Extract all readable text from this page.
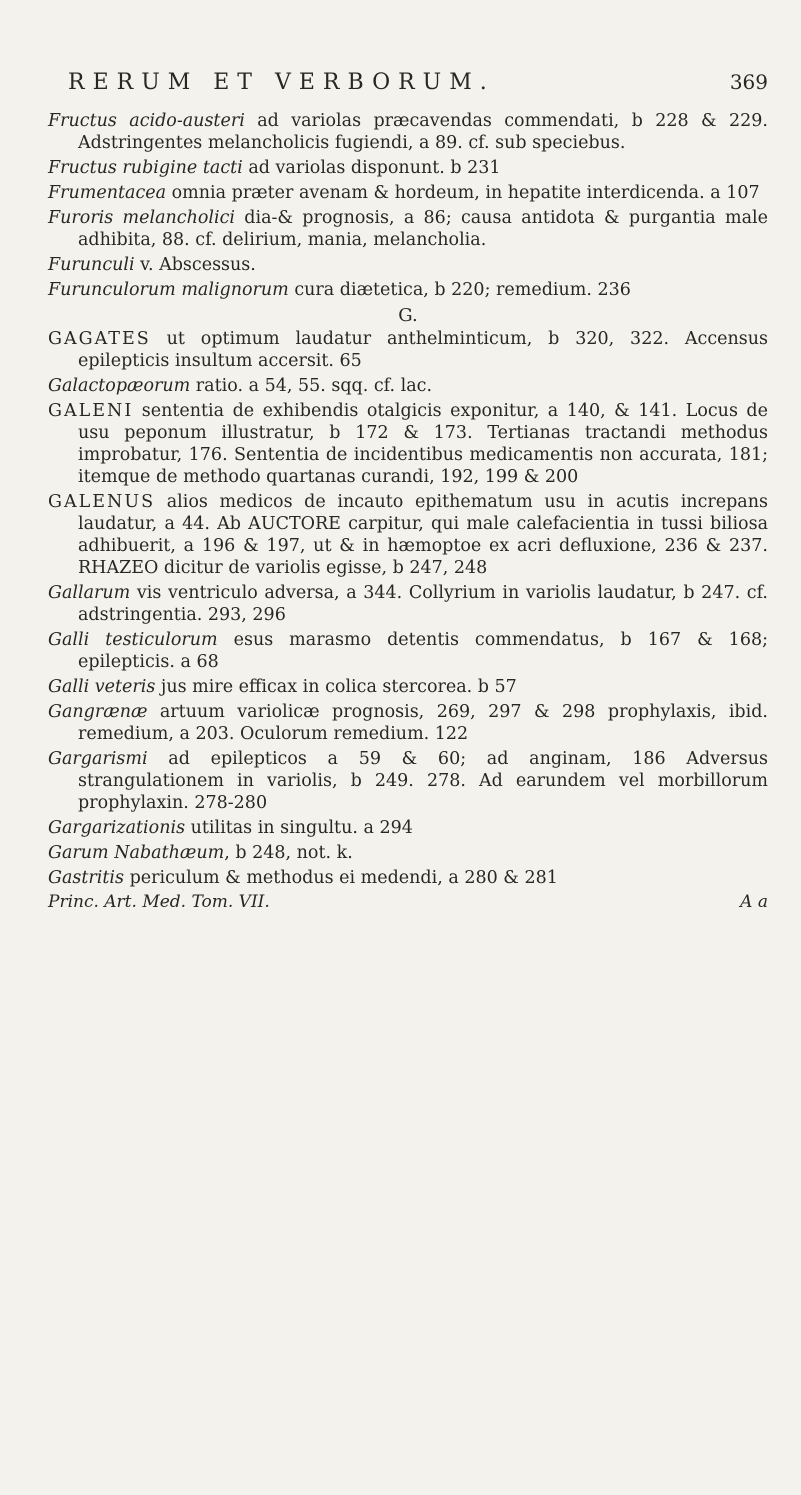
RERUM ET VERBORUM.	369

Fructus acido-austeri ad variolas præcavendas commendati, b 228 & 229. Adstringentes melancholicis fugiendi, a 89. cf. sub speciebus.

Fructus rubigine tacti ad variolas disponunt. b 231

Frumentacea omnia præter avenam & hordeum, in hepatite interdicenda. a 107

Furoris melancholici dia-& prognosis, a 86; causa antidota & purgantia male adhibita, 88. cf. delirium, mania, melancholia.

Furunculi v. Abscessus.

Furunculorum malignorum cura diætetica, b 220; remedium. 236

G.

GAGATES ut optimum laudatur anthelminticum, b 320, 322. Accensus epilepticis insultum accersit. 65

Galactopæorum ratio. a 54, 55. sqq. cf. lac.

GALENI sententia de exhibendis otalgicis exponitur, a 140, & 141. Locus de usu peponum illustratur, b 172 & 173. Tertianas tractandi methodus improbatur, 176. Sententia de incidentibus medicamentis non accurata, 181; itemque de methodo quartanas curandi, 192, 199 & 200

GALENUS alios medicos de incauto epithematum usu in acutis increpans laudatur, a 44. Ab AUCTORE carpitur, qui male calefacientia in tussi biliosa adhibuerit, a 196 & 197, ut & in hæmoptoe ex acri defluxione, 236 & 237. RHAZEO dicitur de variolis egisse, b 247, 248

Gallarum vis ventriculo adversa, a 344. Collyrium in variolis laudatur, b 247. cf. adstringentia. 293, 296

Galli testiculorum esus marasmo detentis commendatus, b 167 & 168; epilepticis. a 68

Galli veteris jus mire efficax in colica stercorea. b 57

Gangrænæ artuum variolicæ prognosis, 269, 297 & 298 prophylaxis, ibid. remedium, a 203. Oculorum remedium. 122

Gargarismi ad epilepticos a 59 & 60; ad anginam, 186 Adversus strangulationem in variolis, b 249. 278. Ad earundem vel morbillorum prophylaxin. 278-280

Gargarizationis utilitas in singultu. a 294

Garum Nabathæum, b 248, not. k.

Gastritis periculum & methodus ei medendi, a 280 & 281

Princ. Art. Med. Tom. VII.	A a
